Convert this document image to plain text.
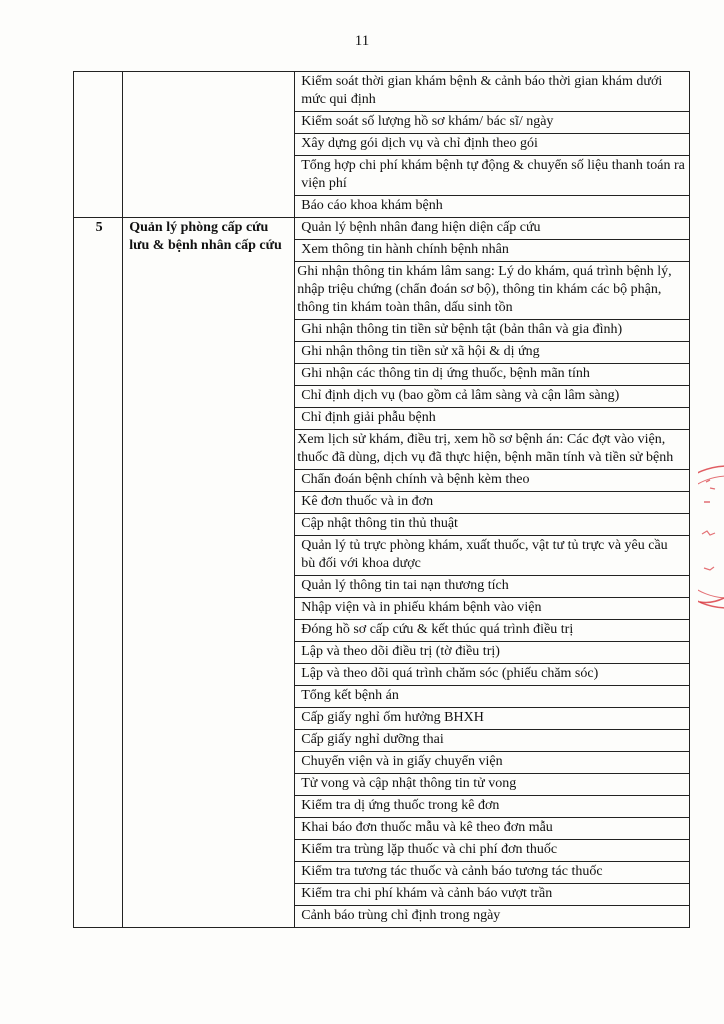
11
		Kiểm soát thời gian khám bệnh & cảnh báo thời gian khám dưới mức qui định
		Kiểm soát số lượng hồ sơ khám/ bác sĩ/ ngày
		Xây dựng gói dịch vụ và chỉ định theo gói
		Tổng hợp chi phí khám bệnh tự động & chuyển số liệu thanh toán ra viện phí
		Báo cáo khoa khám bệnh
5	Quản lý phòng cấp cứu lưu & bệnh nhân cấp cứu	Quản lý bệnh nhân đang hiện diện cấp cứu
		Xem thông tin hành chính bệnh nhân
		Ghi nhận thông tin khám lâm sang: Lý do khám, quá trình bệnh lý, nhập triệu chứng (chẩn đoán sơ bộ), thông tin khám các bộ phận, thông tin khám toàn thân, dấu sinh tồn
		Ghi nhận thông tin tiền sử bệnh tật (bản thân và gia đình)
		Ghi nhận thông tin tiền sử xã hội & dị ứng
		Ghi nhận các thông tin dị ứng thuốc, bệnh mãn tính
		Chỉ định dịch vụ (bao gồm cả lâm sàng và cận lâm sàng)
		Chỉ định giải phẫu bệnh
		Xem lịch sử khám, điều trị, xem hồ sơ bệnh án: Các đợt vào viện, thuốc đã dùng, dịch vụ đã thực hiện, bệnh mãn tính và tiền sử bệnh
		Chẩn đoán bệnh chính và bệnh kèm theo
		Kê đơn thuốc và in đơn
		Cập nhật thông tin thủ thuật
		Quản lý tủ trực phòng khám, xuất thuốc, vật tư tủ trực và yêu cầu bù đối với khoa dược
		Quản lý thông tin tai nạn thương tích
		Nhập viện và in phiếu khám bệnh vào viện
		Đóng hồ sơ cấp cứu & kết thúc quá trình điều trị
		Lập và theo dõi điều trị (tờ điều trị)
		Lập và theo dõi quá trình chăm sóc (phiếu chăm sóc)
		Tổng kết bệnh án
		Cấp giấy nghỉ ốm hưởng BHXH
		Cấp giấy nghỉ dưỡng thai
		Chuyển viện và in giấy chuyển viện
		Tử vong và cập nhật thông tin tử vong
		Kiểm tra dị ứng thuốc trong kê đơn
		Khai báo đơn thuốc mẫu và kê theo đơn mẫu
		Kiểm tra trùng lặp thuốc và chi phí đơn thuốc
		Kiểm tra tương tác thuốc và cảnh báo tương tác thuốc
		Kiểm tra chi phí khám và cảnh báo vượt trần
		Cảnh báo trùng chỉ định trong ngày
